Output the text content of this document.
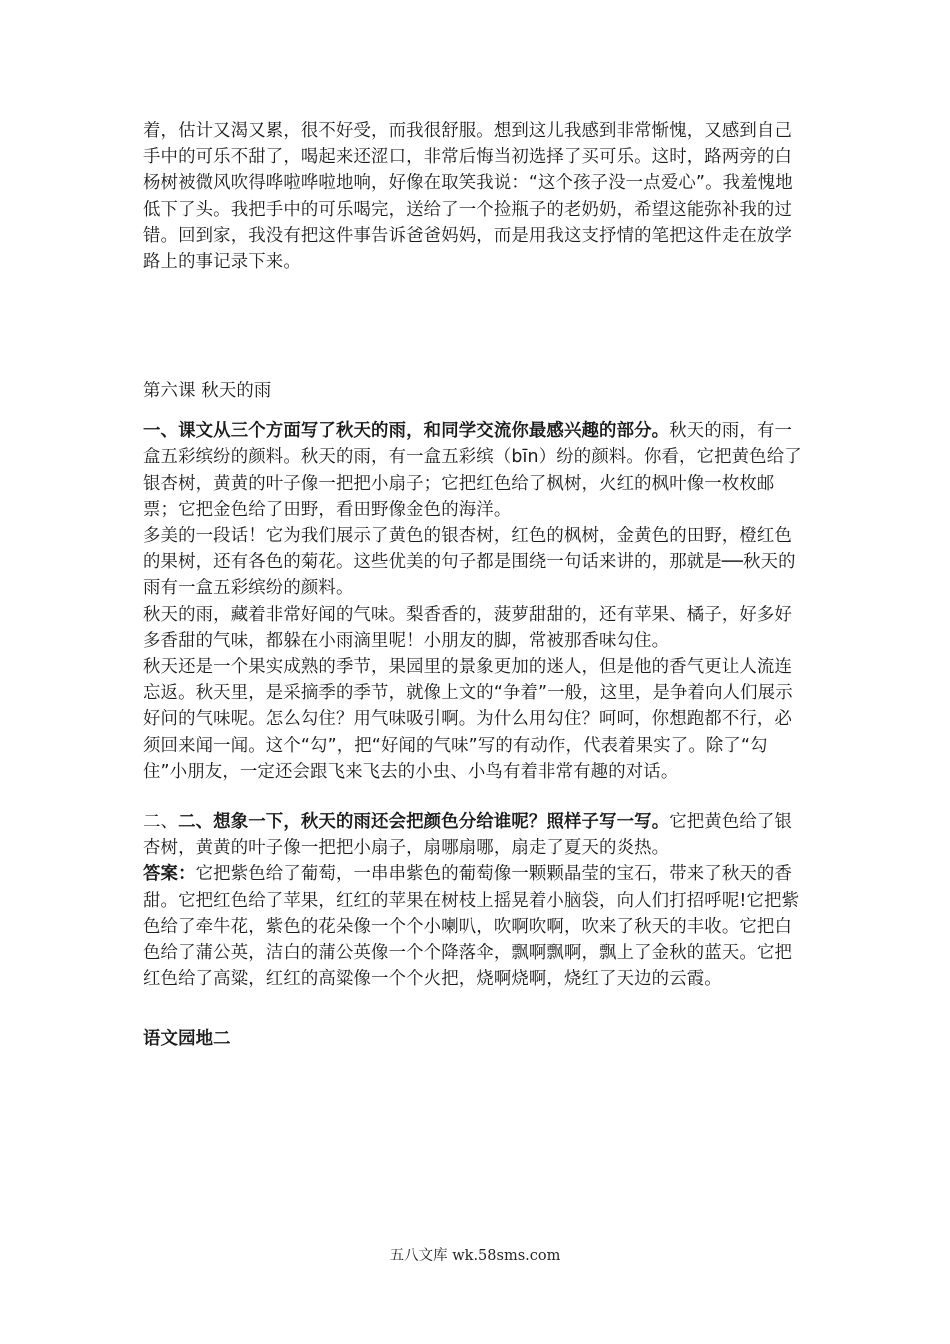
着，估计又渴又累，很不好受，而我很舒服。想到这儿我感到非常惭愧，又感到自己手中的可乐不甜了，喝起来还涩口，非常后悔当初选择了买可乐。这时，路两旁的白杨树被微风吹得哗啦哗啦地响，好像在取笑我说：“这个孩子没一点爱心”。我羞愧地低下了头。我把手中的可乐喝完，送给了一个捡瓶子的老奶奶，希望这能弥补我的过错。回到家，我没有把这件事告诉爸爸妈妈，而是用我这支抒情的笔把这件走在放学路上的事记录下来。

第六课 秋天的雨

一、课文从三个方面写了秋天的雨，和同学交流你最感兴趣的部分。秋天的雨，有一盒五彩缤纷的颜料。秋天的雨，有一盒五彩缤（bīn）纷的颜料。你看，它把黄色给了银杏树，黄黄的叶子像一把把小扇子；它把红色给了枫树，火红的枫叶像一枚枚邮票；它把金色给了田野，看田野像金色的海洋。

多美的一段话！它为我们展示了黄色的银杏树，红色的枫树，金黄色的田野，橙红色的果树，还有各色的菊花。这些优美的句子都是围绕一句话来讲的，那就是──秋天的雨有一盒五彩缤纷的颜料。

秋天的雨，藏着非常好闻的气味。梨香香的，菠萝甜甜的，还有苹果、橘子，好多好多香甜的气味，都躲在小雨滴里呢！小朋友的脚，常被那香味勾住。

秋天还是一个果实成熟的季节，果园里的景象更加的迷人，但是他的香气更让人流连忘返。秋天里，是采摘季的季节，就像上文的“争着”一般，这里，是争着向人们展示好问的气味呢。怎么勾住？用气味吸引啊。为什么用勾住？呵呵，你想跑都不行，必须回来闻一闻。这个“勾”，把“好闻的气味”写的有动作，代表着果实了。除了“勾住”小朋友，一定还会跟飞来飞去的小虫、小鸟有着非常有趣的对话。

二、二、想象一下，秋天的雨还会把颜色分给谁呢？照样子写一写。它把黄色给了银杏树，黄黄的叶子像一把把小扇子，扇哪扇哪，扇走了夏天的炎热。

答案：它把紫色给了葡萄，一串串紫色的葡萄像一颗颗晶莹的宝石，带来了秋天的香甜。它把红色给了苹果，红红的苹果在树枝上摇晃着小脑袋，向人们打招呼呢!它把紫色给了牵牛花，紫色的花朵像一个个小喇叭，吹啊吹啊，吹来了秋天的丰收。它把白色给了蒲公英，洁白的蒲公英像一个个降落伞，飘啊飘啊，飘上了金秋的蓝天。它把红色给了高粱，红红的高粱像一个个火把，烧啊烧啊，烧红了天边的云霞。

语文园地二

五八文库 wk.58sms.com
